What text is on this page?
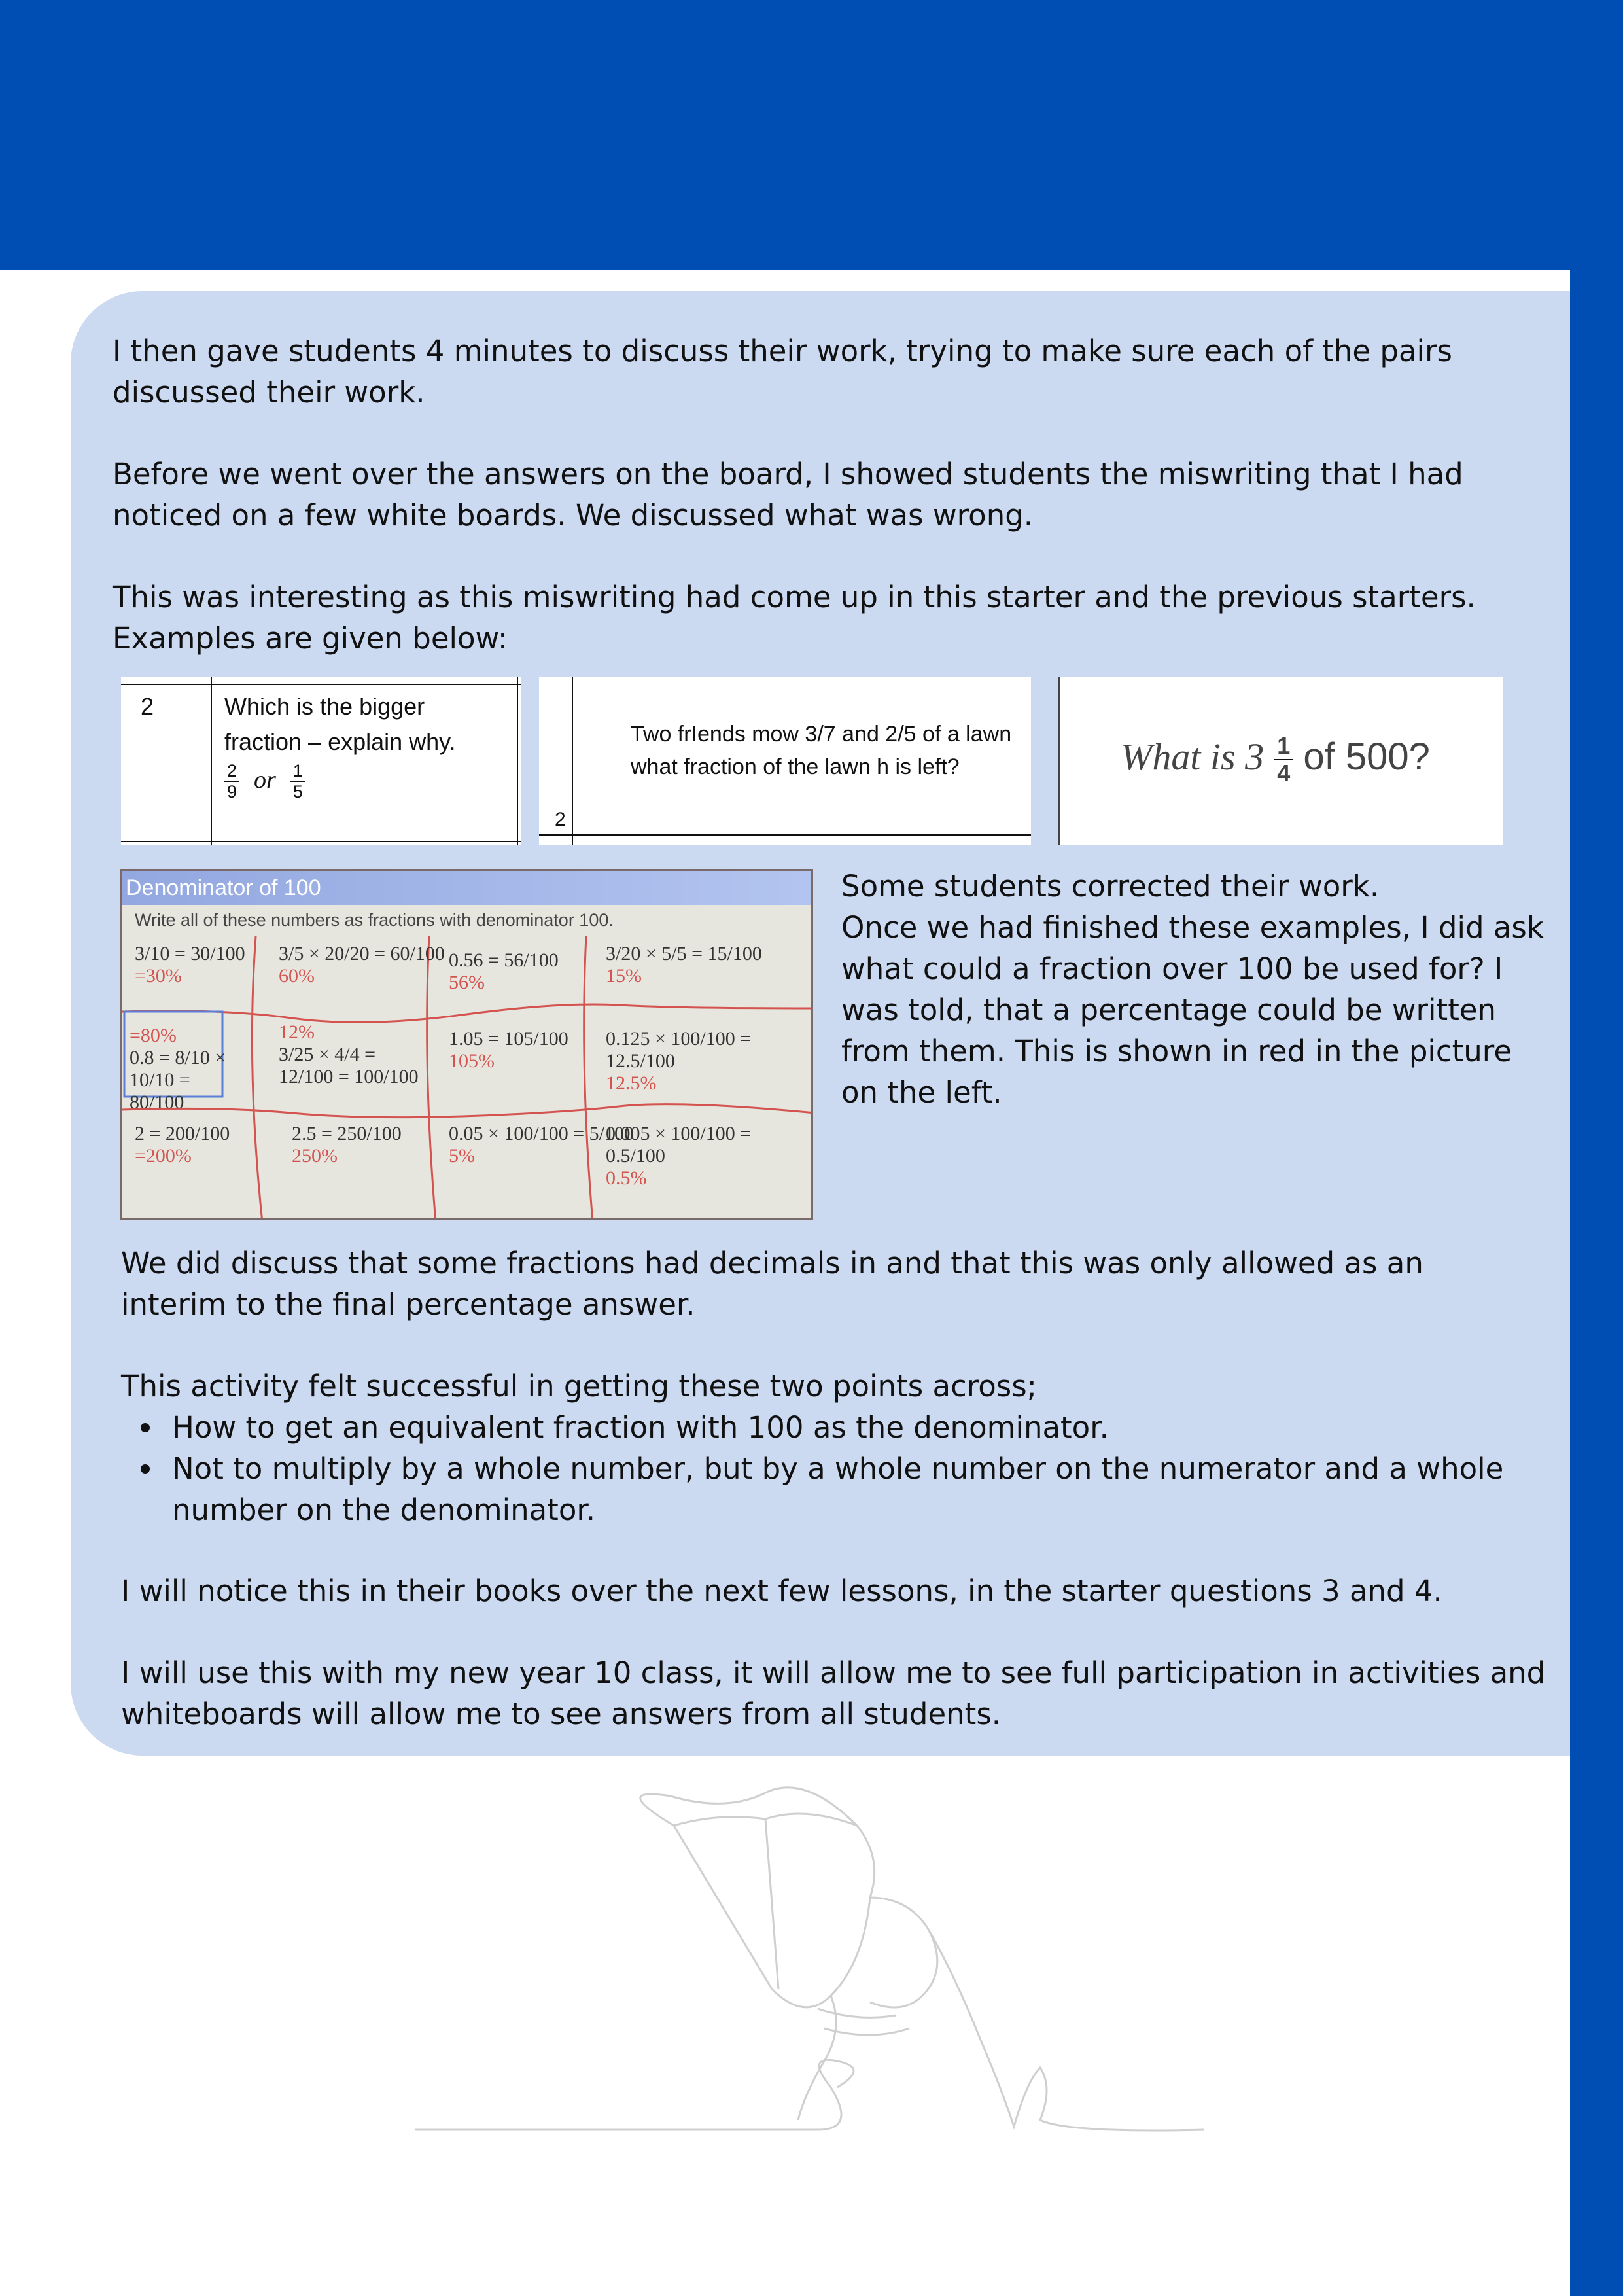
I then gave students 4 minutes to discuss their work, trying to make sure each of the pairs discussed their work.

Before we went over the answers on the board, I showed students the miswriting that I had noticed on a few white boards. We discussed what was wrong.

This was interesting as this miswriting had come up in this starter and the previous starters. Examples are given below:

2	Which is the bigger
fraction – explain why.
$\frac{2}{9}$ or $\frac{1}{5}$
Two frIends mow 3/7 and 2/5 of a lawn what fraction of the lawn h is left?
2
What is $3 \frac{1}{4}$ of 500?
Denominator of 100
Write all of these numbers as fractions with denominator 100.
3/10 = 30/100
=30%
3/5 × 20/20 = 60/100
60%
0.56 = 56/100
56%
3/20 × 5/5 = 15/100
15%
=80%
0.8 = 8/10 × 10/10 = 80/100
12%
3/25 × 4/4 = 12/100 = 100/100
1.05 = 105/100
105%
0.125 × 100/100 = 12.5/100
12.5%
2 = 200/100
=200%
2.5 = 250/100
250%
0.05 × 100/100 = 5/100
5%
0.005 × 100/100 = 0.5/100
0.5%

Some students corrected their work.

Once we had finished these examples, I did ask what could a fraction over 100 be used for? I was told, that a percentage could be written from them. This is shown in red in the picture on the left.

We did discuss that some fractions had decimals in and that this was only allowed as an interim to the final percentage answer.

This activity felt successful in getting these two points across;

How to get an equivalent fraction with 100 as the denominator.
Not to multiply by a whole number, but by a whole number on the numerator and a whole number on the denominator.

I will notice this in their books over the next few lessons, in the starter questions 3 and 4.

I will use this with my new year 10 class, it will allow me to see full participation in activities and whiteboards will allow me to see answers from all students.
